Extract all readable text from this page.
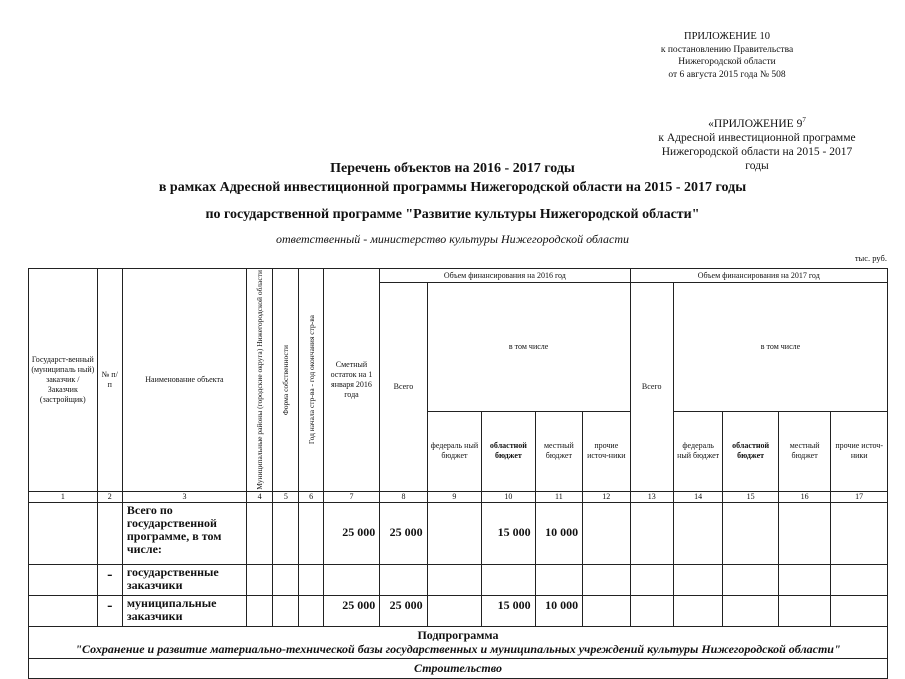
ПРИЛОЖЕНИЕ 10
к постановлению Правительства
Нижегородской области
от 6 августа 2015 года № 508
«ПРИЛОЖЕНИЕ $9^7$
к Адресной инвестиционной программе
Нижегородской области на 2015 - 2017
годы
Перечень объектов на 2016 - 2017 годы
в рамках Адресной инвестиционной программы Нижегородской области на 2015 - 2017 годы
по государственной программе "Развитие культуры Нижегородской области"
ответственный - министерство культуры Нижегородской области
тыс. руб.
Государст-венный (муниципаль ный) заказчик / Заказчик (застройщик)	№ п/п	Наименование объекта	Муниципальные районы (городские округа) Нижегородской области	Форма собственности	Год начала стр-ва - год окончания стр-ва	Сметный остаток на 1 января 2016 года	Объем финансирования на 2016 год					Объем финансирования на 2017 год				
							Всего	в том числе				Всего	в том числе			
								федераль ный бюджет	областной бюджет	местный бюджет	прочие источ-ники		федераль ный бюджет	областной бюджет	местный бюджет	прочие источ-ники
1	2	3	4	5	6	7	8	9	10	11	12	13	14	15	16	17
		Всего по государственной программе, в том числе:				25 000	25 000		15 000	10 000						
	-	государственные заказчики														
	-	муниципальные заказчики				25 000	25 000		15 000	10 000						

Подпрограмма
"Сохранение и развитие материально-технической базы государственных и муниципальных учреждений культуры Нижегородской области"																

Строительство																
